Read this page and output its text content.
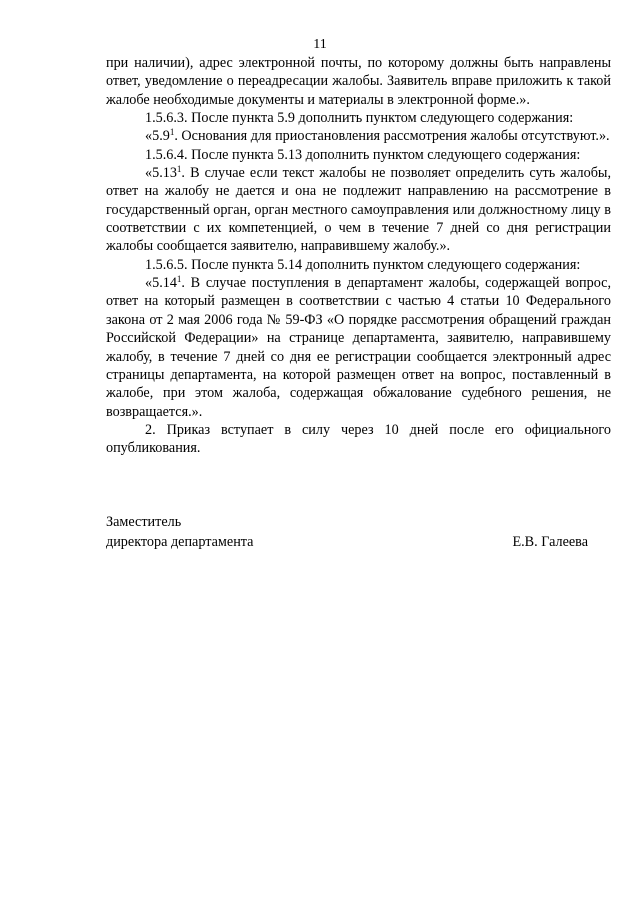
11

при наличии), адрес электронной почты, по которому должны быть направлены ответ, уведомление о переадресации жалобы. Заявитель вправе приложить к такой жалобе необходимые документы и материалы в электронной форме.».

1.5.6.3. После пункта 5.9 дополнить пунктом следующего содержания:

«$5.9^1$. Основания для приостановления рассмотрения жалобы отсутствуют.».

1.5.6.4. После пункта 5.13 дополнить пунктом следующего содержания:

«5.13$^1$. В случае если текст жалобы не позволяет определить суть жалобы, ответ на жалобу не дается и она не подлежит направлению на рассмотрение в государственный орган, орган местного самоуправления или должностному лицу в соответствии с их компетенцией, о чем в течение 7 дней со дня регистрации жалобы сообщается заявителю, направившему жалобу.».

1.5.6.5. После пункта 5.14 дополнить пунктом следующего содержания:

«5.14$^1$. В случае поступления в департамент жалобы, содержащей вопрос, ответ на который размещен в соответствии с частью 4 статьи 10 Федерального закона от 2 мая 2006 года № 59-ФЗ «О порядке рассмотрения обращений граждан Российской Федерации» на странице департамента, заявителю, направившему жалобу, в течение 7 дней со дня ее регистрации сообщается электронный адрес страницы департамента, на которой размещен ответ на вопрос, поставленный в жалобе, при этом жалоба, содержащая обжалование судебного решения, не возвращается.».

2. Приказ вступает в силу через 10 дней после его официального опубликования.

Заместитель
директора департамента	Е.В. Галеева
